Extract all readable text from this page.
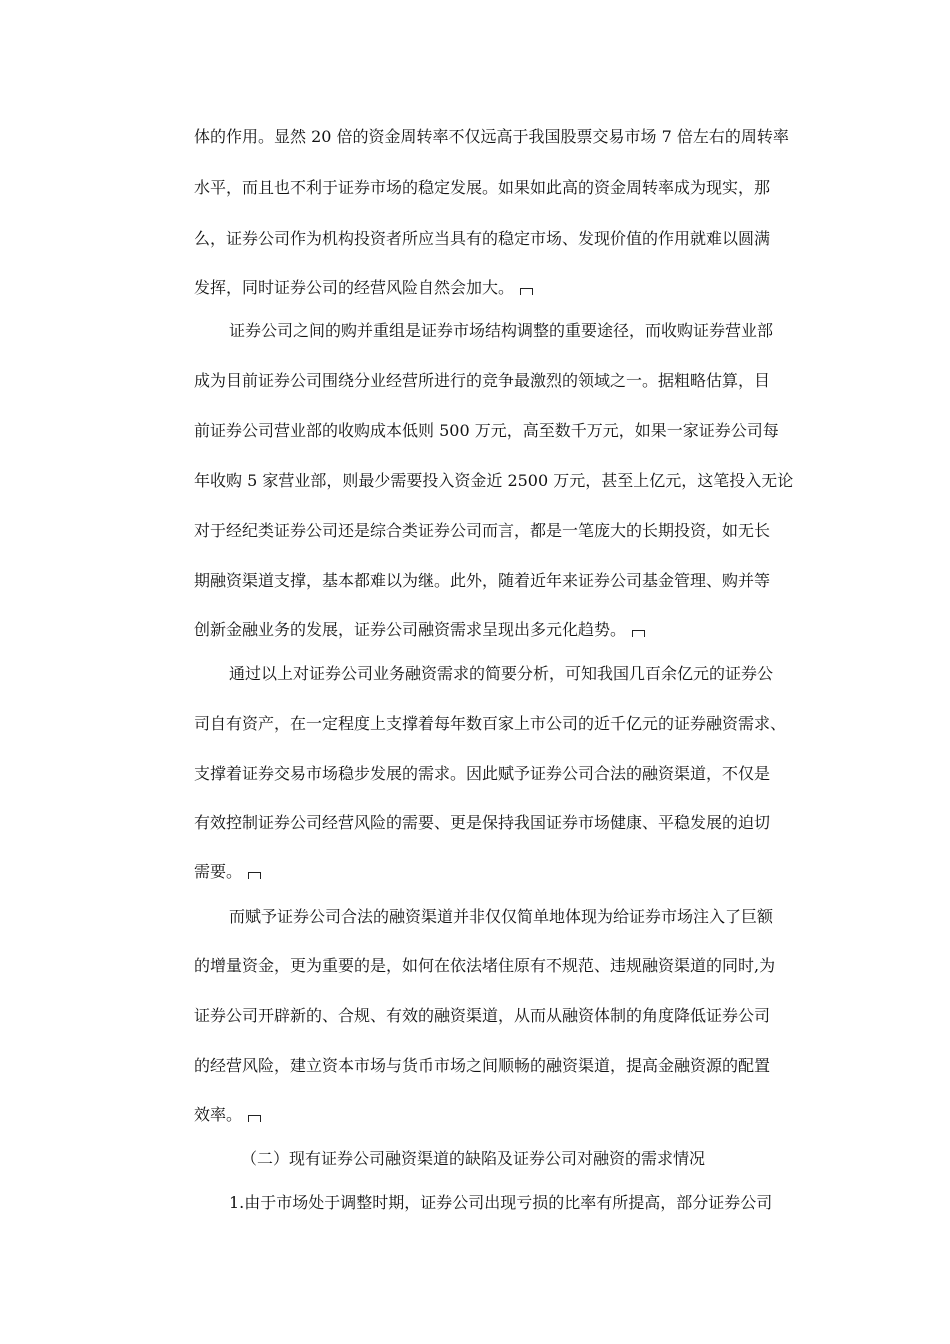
体的作用。显然 20 倍的资金周转率不仅远高于我国股票交易市场 7 倍左右的周转率
水平，而且也不利于证券市场的稳定发展。如果如此高的资金周转率成为现实，那
么，证券公司作为机构投资者所应当具有的稳定市场、发现价值的作用就难以圆满
发挥，同时证券公司的经营风险自然会加大。
证券公司之间的购并重组是证券市场结构调整的重要途径，而收购证券营业部
成为目前证券公司围绕分业经营所进行的竞争最激烈的领域之一。据粗略估算，目
前证券公司营业部的收购成本低则 500 万元，高至数千万元，如果一家证券公司每
年收购 5 家营业部，则最少需要投入资金近 2500 万元，甚至上亿元，这笔投入无论
对于经纪类证券公司还是综合类证券公司而言，都是一笔庞大的长期投资，如无长
期融资渠道支撑，基本都难以为继。此外，随着近年来证券公司基金管理、购并等
创新金融业务的发展，证券公司融资需求呈现出多元化趋势。
通过以上对证券公司业务融资需求的简要分析，可知我国几百余亿元的证券公
司自有资产，在一定程度上支撑着每年数百家上市公司的近千亿元的证券融资需求、
支撑着证券交易市场稳步发展的需求。因此赋予证券公司合法的融资渠道，不仅是
有效控制证券公司经营风险的需要、更是保持我国证券市场健康、平稳发展的迫切
需要。
而赋予证券公司合法的融资渠道并非仅仅简单地体现为给证券市场注入了巨额
的增量资金，更为重要的是，如何在依法堵住原有不规范、违规融资渠道的同时,为
证券公司开辟新的、合规、有效的融资渠道，从而从融资体制的角度降低证券公司
的经营风险，建立资本市场与货币市场之间顺畅的融资渠道，提高金融资源的配置
效率。
（二）现有证券公司融资渠道的缺陷及证券公司对融资的需求情况
1.由于市场处于调整时期，证券公司出现亏损的比率有所提高，部分证券公司
